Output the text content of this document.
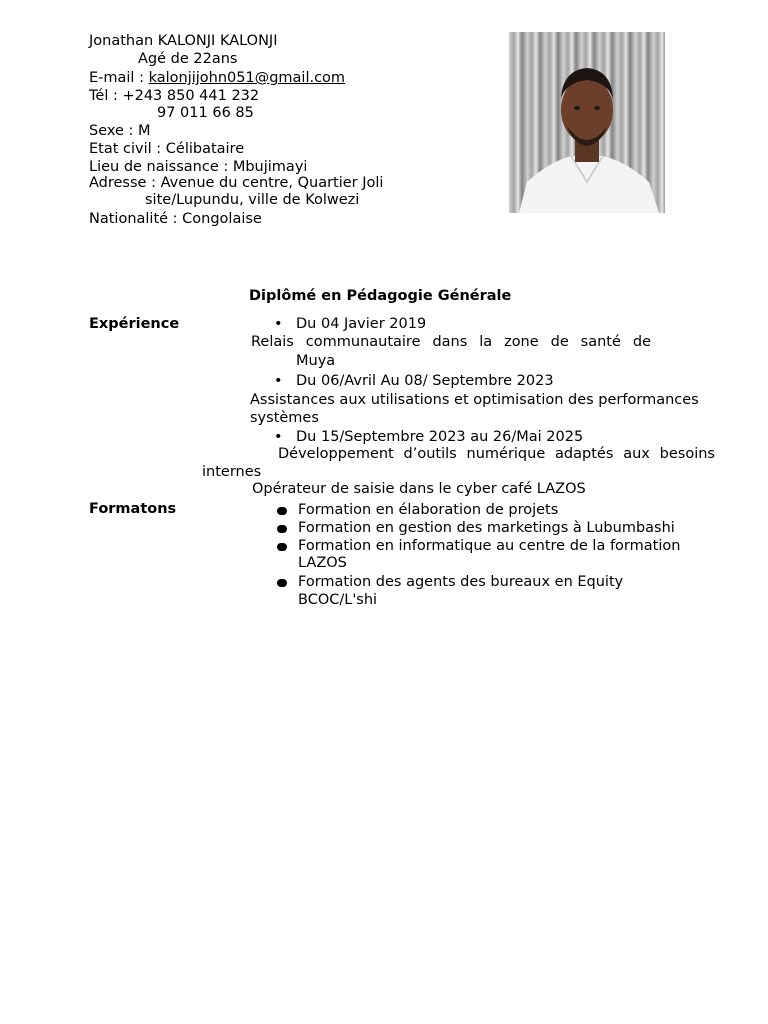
Jonathan KALONJI KALONJI
Agé de 22ans
E-mail : kalonjijohn051@gmail.com
Tél : +243 850 441 232
97 011 66 85
Sexe : M
Etat civil : Célibataire
Lieu de naissance : Mbujimayi
Adresse : Avenue du centre, Quartier Joli
site/Lupundu, ville de Kolwezi
Nationalité : Congolaise
Diplômé en Pédagogie Générale
Expérience	• Du 04 Javier 2019
Relais communautaire dans la zone de santé de
Muya
• Du 06/Avril Au 08/ Septembre 2023
Assistances aux utilisations et optimisation des performances
systèmes
• Du 15/Septembre 2023 au 26/Mai 2025
Développement d’outils numérique adaptés aux besoins
internes
Opérateur de saisie dans le cyber café LAZOS
Formatons	Formation en élaboration de projets
Formation en gestion des marketings à Lubumbashi
Formation en informatique au centre de la formation
LAZOS
Formation des agents des bureaux en Equity
BCOC/L'shi
